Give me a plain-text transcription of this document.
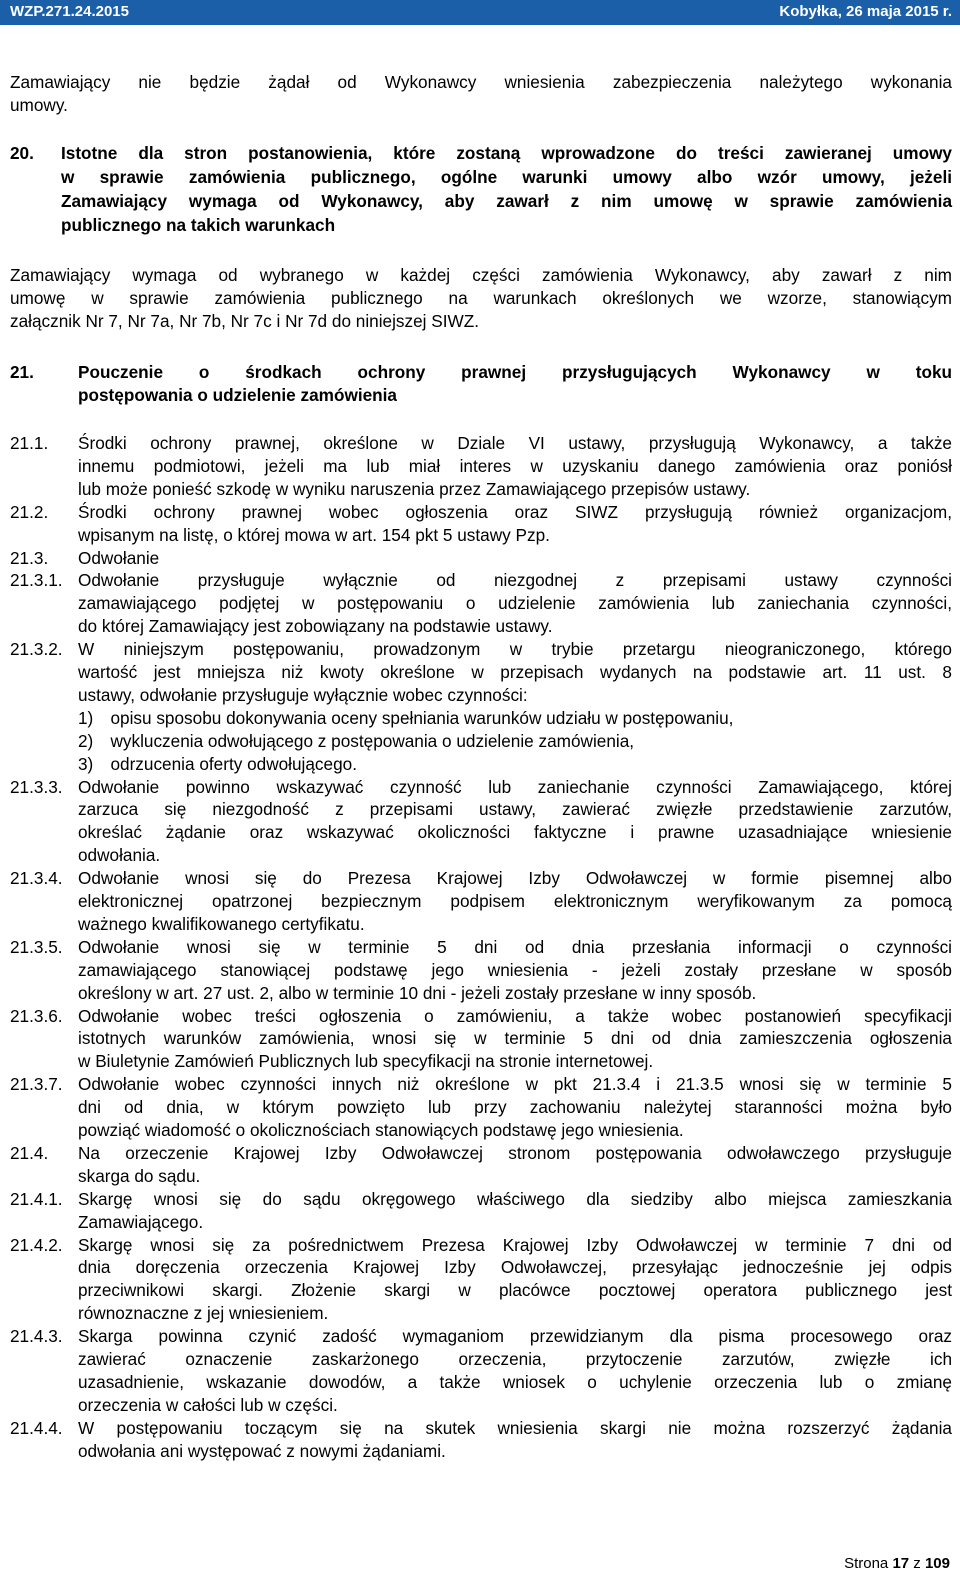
WZP.271.24.2015	Kobyłka, 26 maja 2015 r.
Zamawiający nie będzie żądał od Wykonawcy wniesienia zabezpieczenia należytego wykonania
umowy.
20. Istotne dla stron postanowienia, które zostaną wprowadzone do treści zawieranej umowy
w sprawie zamówienia publicznego, ogólne warunki umowy albo wzór umowy, jeżeli
Zamawiający wymaga od Wykonawcy, aby zawarł z nim umowę w sprawie zamówienia
publicznego na takich warunkach
Zamawiający wymaga od wybranego w każdej części zamówienia Wykonawcy, aby zawarł z nim
umowę w sprawie zamówienia publicznego na warunkach określonych we wzorze, stanowiącym
załącznik Nr 7, Nr 7a, Nr 7b, Nr 7c i Nr 7d do niniejszej SIWZ.
21.	Pouczenie o środkach ochrony prawnej przysługujących Wykonawcy w toku
postępowania o udzielenie zamówienia
21.1. Środki ochrony prawnej, określone w Dziale VI ustawy, przysługują Wykonawcy, a także
innemu podmiotowi, jeżeli ma lub miał interes w uzyskaniu danego zamówienia oraz poniósł
lub może ponieść szkodę w wyniku naruszenia przez Zamawiającego przepisów ustawy.
21.2. Środki ochrony prawnej wobec ogłoszenia oraz SIWZ przysługują również organizacjom,
wpisanym na listę, o której mowa w art. 154 pkt 5 ustawy Pzp.
21.3. Odwołanie
21.3.1. Odwołanie przysługuje wyłącznie od niezgodnej z przepisami ustawy czynności
zamawiającego podjętej w postępowaniu o udzielenie zamówienia lub zaniechania czynności,
do której Zamawiający jest zobowiązany na podstawie ustawy.
21.3.2. W niniejszym postępowaniu, prowadzonym w trybie przetargu nieograniczonego, którego
wartość jest mniejsza niż kwoty określone w przepisach wydanych na podstawie art. 11 ust. 8
ustawy, odwołanie przysługuje wyłącznie wobec czynności:
1) opisu sposobu dokonywania oceny spełniania warunków udziału w postępowaniu,
2) wykluczenia odwołującego z postępowania o udzielenie zamówienia,
3) odrzucenia oferty odwołującego.
21.3.3. Odwołanie powinno wskazywać czynność lub zaniechanie czynności Zamawiającego, której
zarzuca się niezgodność z przepisami ustawy, zawierać zwięzłe przedstawienie zarzutów,
określać żądanie oraz wskazywać okoliczności faktyczne i prawne uzasadniające wniesienie
odwołania.
21.3.4. Odwołanie wnosi się do Prezesa Krajowej Izby Odwoławczej w formie pisemnej albo
elektronicznej opatrzonej bezpiecznym podpisem elektronicznym weryfikowanym za pomocą
ważnego kwalifikowanego certyfikatu.
21.3.5. Odwołanie wnosi się w terminie 5 dni od dnia przesłania informacji o czynności
zamawiającego stanowiącej podstawę jego wniesienia - jeżeli zostały przesłane w sposób
określony w art. 27 ust. 2, albo w terminie 10 dni - jeżeli zostały przesłane w inny sposób.
21.3.6. Odwołanie wobec treści ogłoszenia o zamówieniu, a także wobec postanowień specyfikacji
istotnych warunków zamówienia, wnosi się w terminie 5 dni od dnia zamieszczenia ogłoszenia
w Biuletynie Zamówień Publicznych lub specyfikacji na stronie internetowej.
21.3.7. Odwołanie wobec czynności innych niż określone w pkt 21.3.4 i 21.3.5 wnosi się w terminie 5
dni od dnia, w którym powzięto lub przy zachowaniu należytej staranności można było
powziąć wiadomość o okolicznościach stanowiących podstawę jego wniesienia.
21.4. Na orzeczenie Krajowej Izby Odwoławczej stronom postępowania odwoławczego przysługuje
skarga do sądu.
21.4.1. Skargę wnosi się do sądu okręgowego właściwego dla siedziby albo miejsca zamieszkania
Zamawiającego.
21.4.2. Skargę wnosi się za pośrednictwem Prezesa Krajowej Izby Odwoławczej w terminie 7 dni od
dnia doręczenia orzeczenia Krajowej Izby Odwoławczej, przesyłając jednocześnie jej odpis
przeciwnikowi skargi. Złożenie skargi w placówce pocztowej operatora publicznego jest
równoznaczne z jej wniesieniem.
21.4.3. Skarga powinna czynić zadość wymaganiom przewidzianym dla pisma procesowego oraz
zawierać oznaczenie zaskarżonego orzeczenia, przytoczenie zarzutów, zwięzłe ich
uzasadnienie, wskazanie dowodów, a także wniosek o uchylenie orzeczenia lub o zmianę
orzeczenia w całości lub w części.
21.4.4. W postępowaniu toczącym się na skutek wniesienia skargi nie można rozszerzyć żądania
odwołania ani występować z nowymi żądaniami.
Strona 17 z 109
